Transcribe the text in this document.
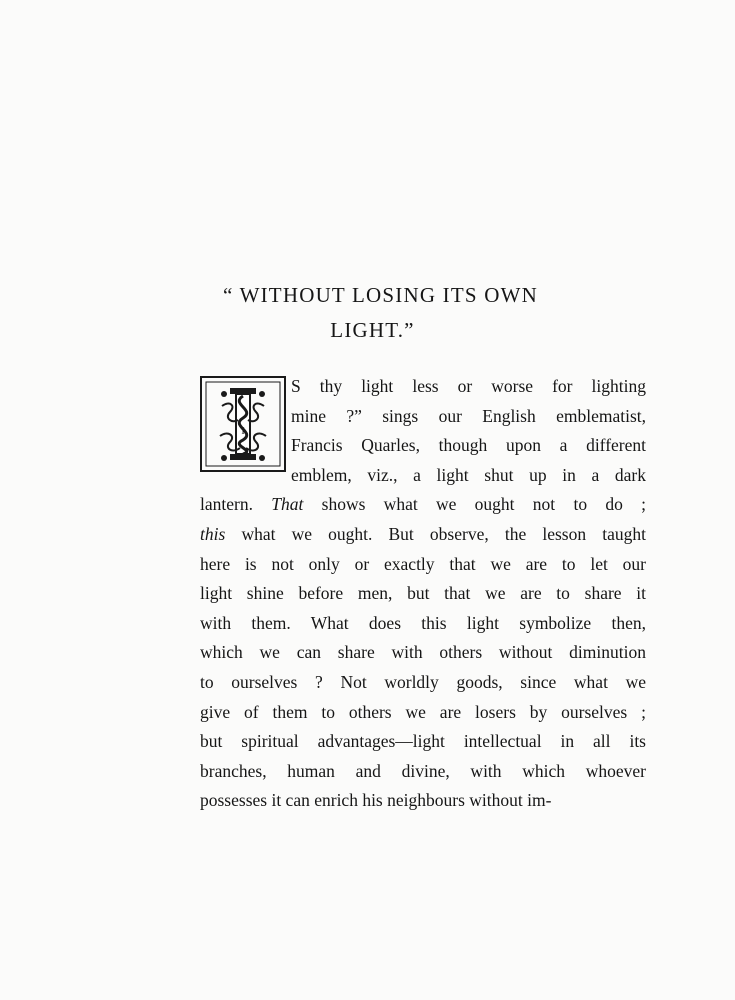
“ WITHOUT LOSING ITS OWN
LIGHT.”
I
S thy light less or worse for lighting
mine ?” sings our English emblematist,
Francis Quarles, though upon a different
emblem, viz., a light shut up in a dark
lantern. That shows what we ought not to do ;
this what we ought. But observe, the lesson taught
here is not only or exactly that we are to let our
light shine before men, but that we are to share it
with them. What does this light symbolize then,
which we can share with others without diminution
to ourselves ? Not worldly goods, since what we
give of them to others we are losers by ourselves ;
but spiritual advantages—light intellectual in all its
branches, human and divine, with which whoever
possesses it can enrich his neighbours without im-
